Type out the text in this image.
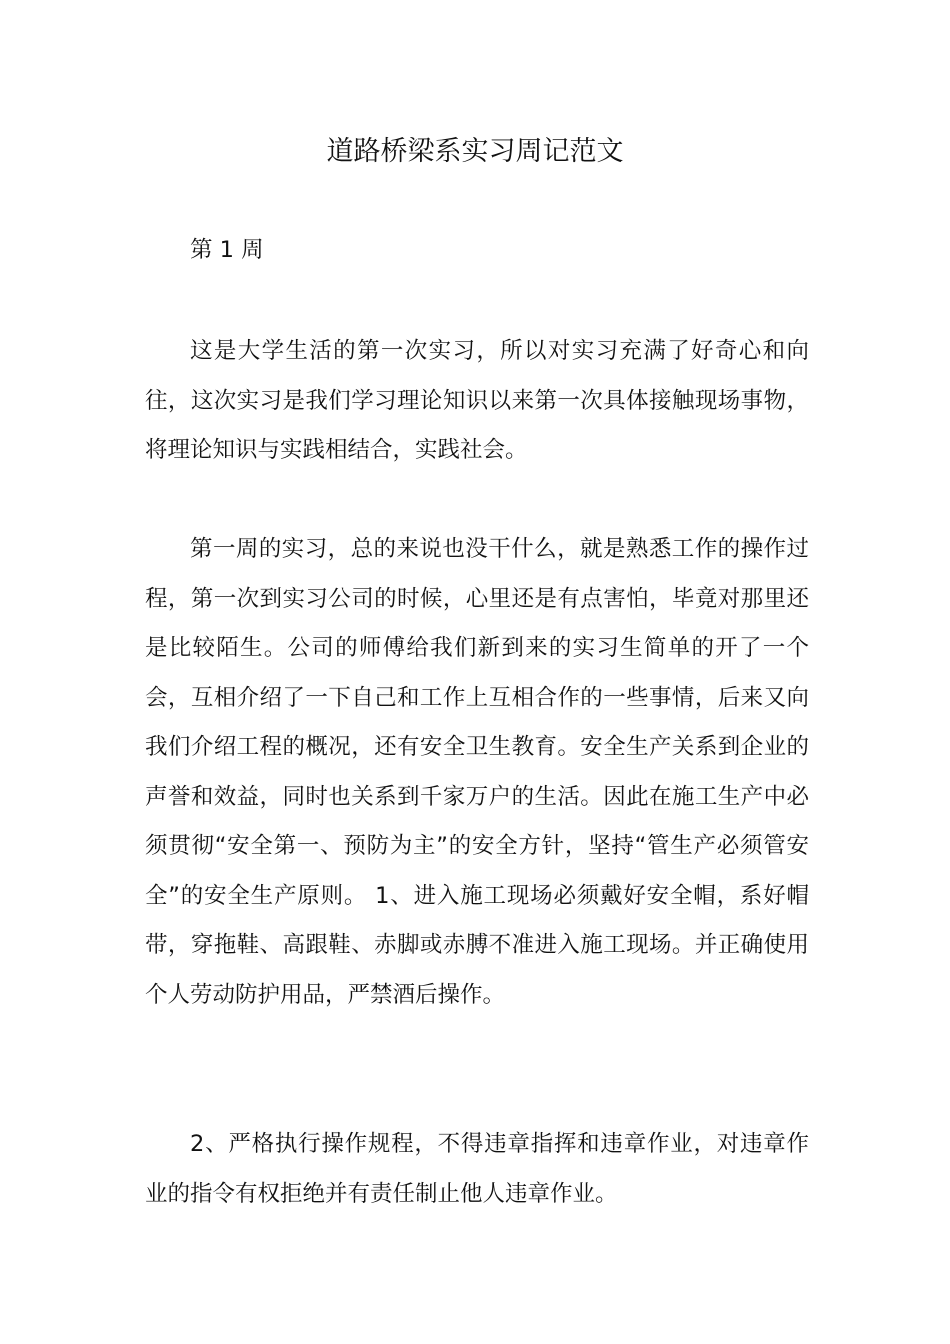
道路桥梁系实习周记范文

第 1 周

这是大学生活的第一次实习，所以对实习充满了好奇心和向往，这次实习是我们学习理论知识以来第一次具体接触现场事物，将理论知识与实践相结合，实践社会。

第一周的实习，总的来说也没干什么，就是熟悉工作的操作过程，第一次到实习公司的时候，心里还是有点害怕，毕竟对那里还是比较陌生。公司的师傅给我们新到来的实习生简单的开了一个会，互相介绍了一下自己和工作上互相合作的一些事情，后来又向我们介绍工程的概况，还有安全卫生教育。安全生产关系到企业的声誉和效益，同时也关系到千家万户的生活。因此在施工生产中必须贯彻“安全第一、预防为主”的安全方针，坚持“管生产必须管安全”的安全生产原则。 1、进入施工现场必须戴好安全帽，系好帽带，穿拖鞋、高跟鞋、赤脚或赤膊不准进入施工现场。并正确使用个人劳动防护用品，严禁酒后操作。

2、严格执行操作规程，不得违章指挥和违章作业，对违章作业的指令有权拒绝并有责任制止他人违章作业。
